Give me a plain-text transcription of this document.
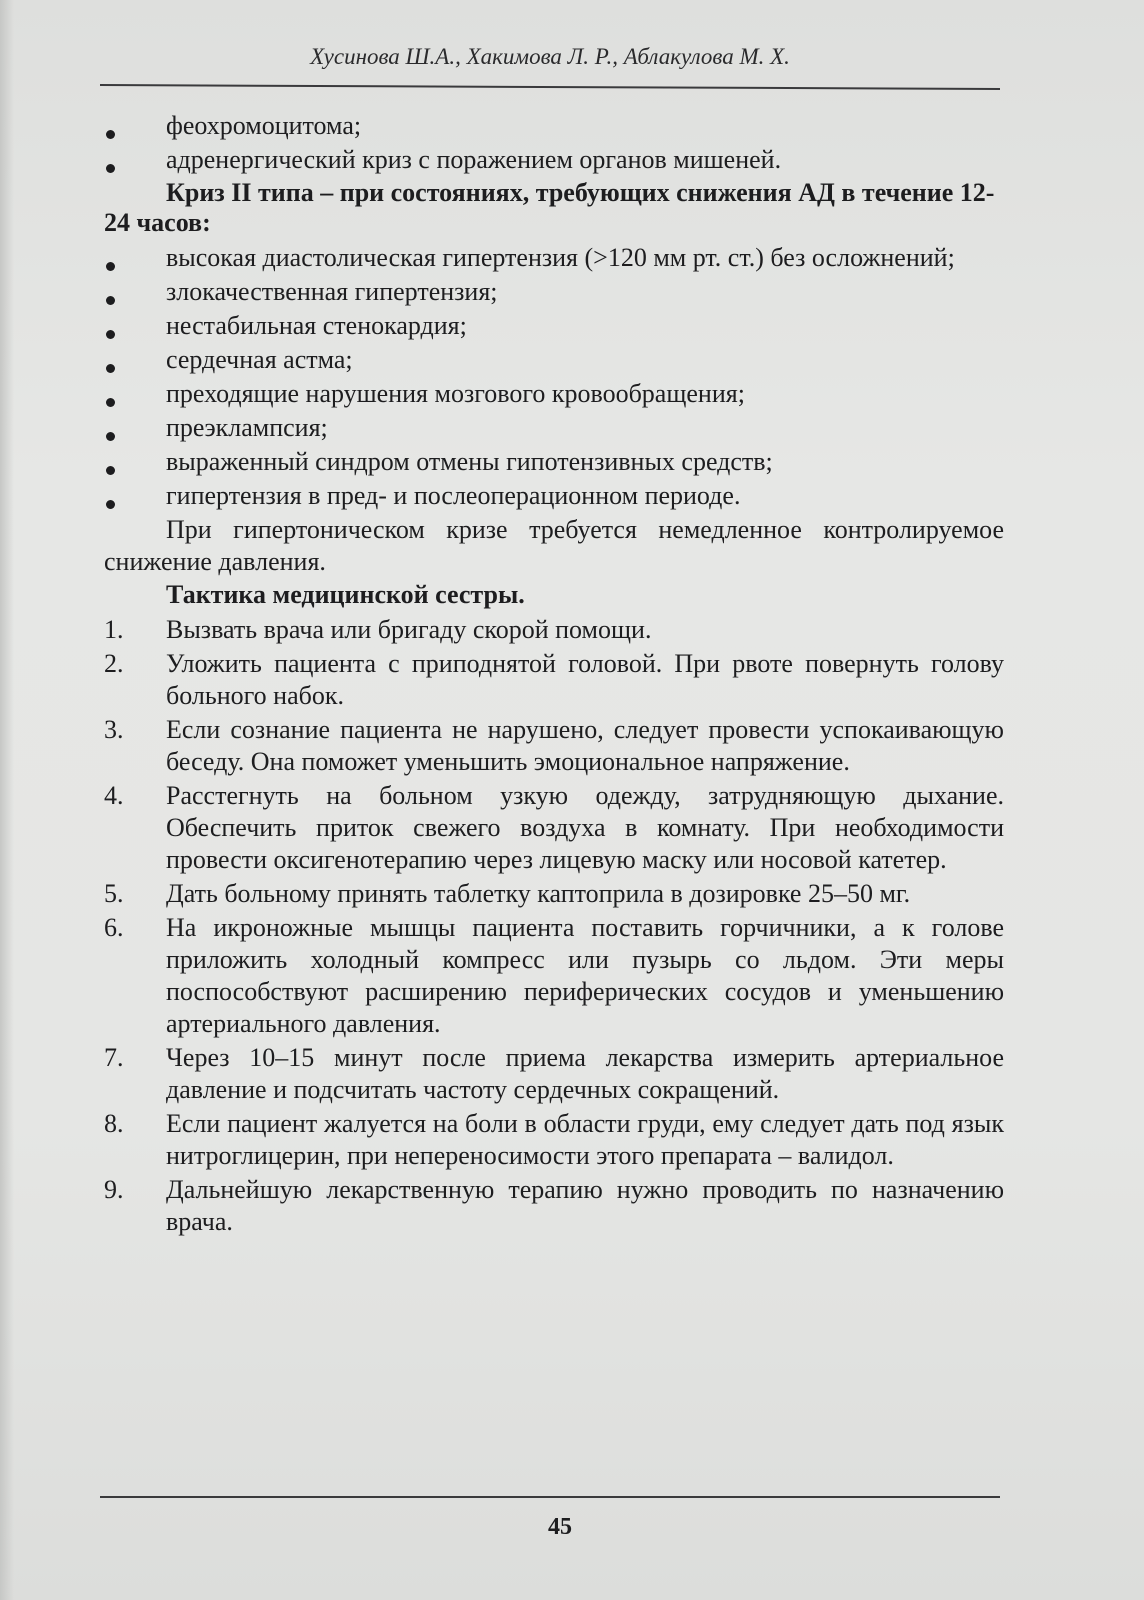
Хусинова Ш.А., Хакимова Л. Р., Аблакулова М. Х.
феохромоцитома;
адренергический криз с поражением органов мишеней.

Криз II типа – при состояниях, требующих снижения АД в течение 12-24 часов:

высокая диастолическая гипертензия (>120 мм рт. ст.) без осложнений;
злокачественная гипертензия;
нестабильная стенокардия;
сердечная астма;
преходящие нарушения мозгового кровообращения;
преэклампсия;
выраженный синдром отмены гипотензивных средств;
гипертензия в пред- и послеоперационном периоде.

При гипертоническом кризе требуется немедленное контролируемое снижение давления.

Тактика медицинской сестры.

1. Вызвать врача или бригаду скорой помощи.
2. Уложить пациента с приподнятой головой. При рвоте повернуть голову больного набок.
3. Если сознание пациента не нарушено, следует провести успокаивающую беседу. Она поможет уменьшить эмоциональное напряжение.
4. Расстегнуть на больном узкую одежду, затрудняющую дыхание. Обеспечить приток свежего воздуха в комнату. При необходимости провести оксигенотерапию через лицевую маску или носовой катетер.
5. Дать больному принять таблетку каптоприла в дозировке 25–50 мг.
6. На икроножные мышцы пациента поставить горчичники, а к голове приложить холодный компресс или пузырь со льдом. Эти меры поспособствуют расширению периферических сосудов и уменьшению артериального давления.
7. Через 10–15 минут после приема лекарства измерить артериальное давление и подсчитать частоту сердечных сокращений.
8. Если пациент жалуется на боли в области груди, ему следует дать под язык нитроглицерин, при непереносимости этого препарата – валидол.
9. Дальнейшую лекарственную терапию нужно проводить по назначению врача.
45
